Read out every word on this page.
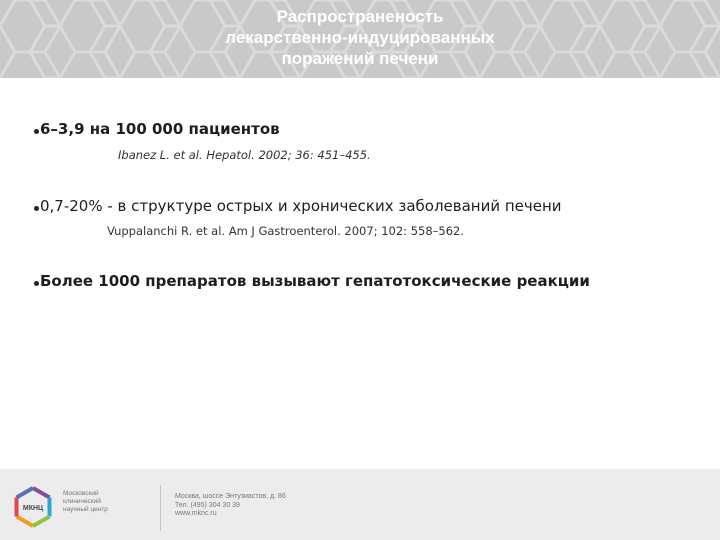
Распространеность
лекарственно-индуцированных
поражений печени
6–3,9 на 100 000 пациентов
Ibanez L. et al. Hepatol. 2002; 36: 451–455.
0,7-20% - в структуре острых и хронических заболеваний печени
Vuppalanchi R. et al. Am J Gastroenterol. 2007; 102: 558–562.
Более 1000 препаратов вызывают гепатотоксические реакции
МКНЦ
Московский
клинический
научный центр
Москва, шоссе Энтузиастов, д. 86
Тел. (495) 304 30 39
www.mknc.ru
